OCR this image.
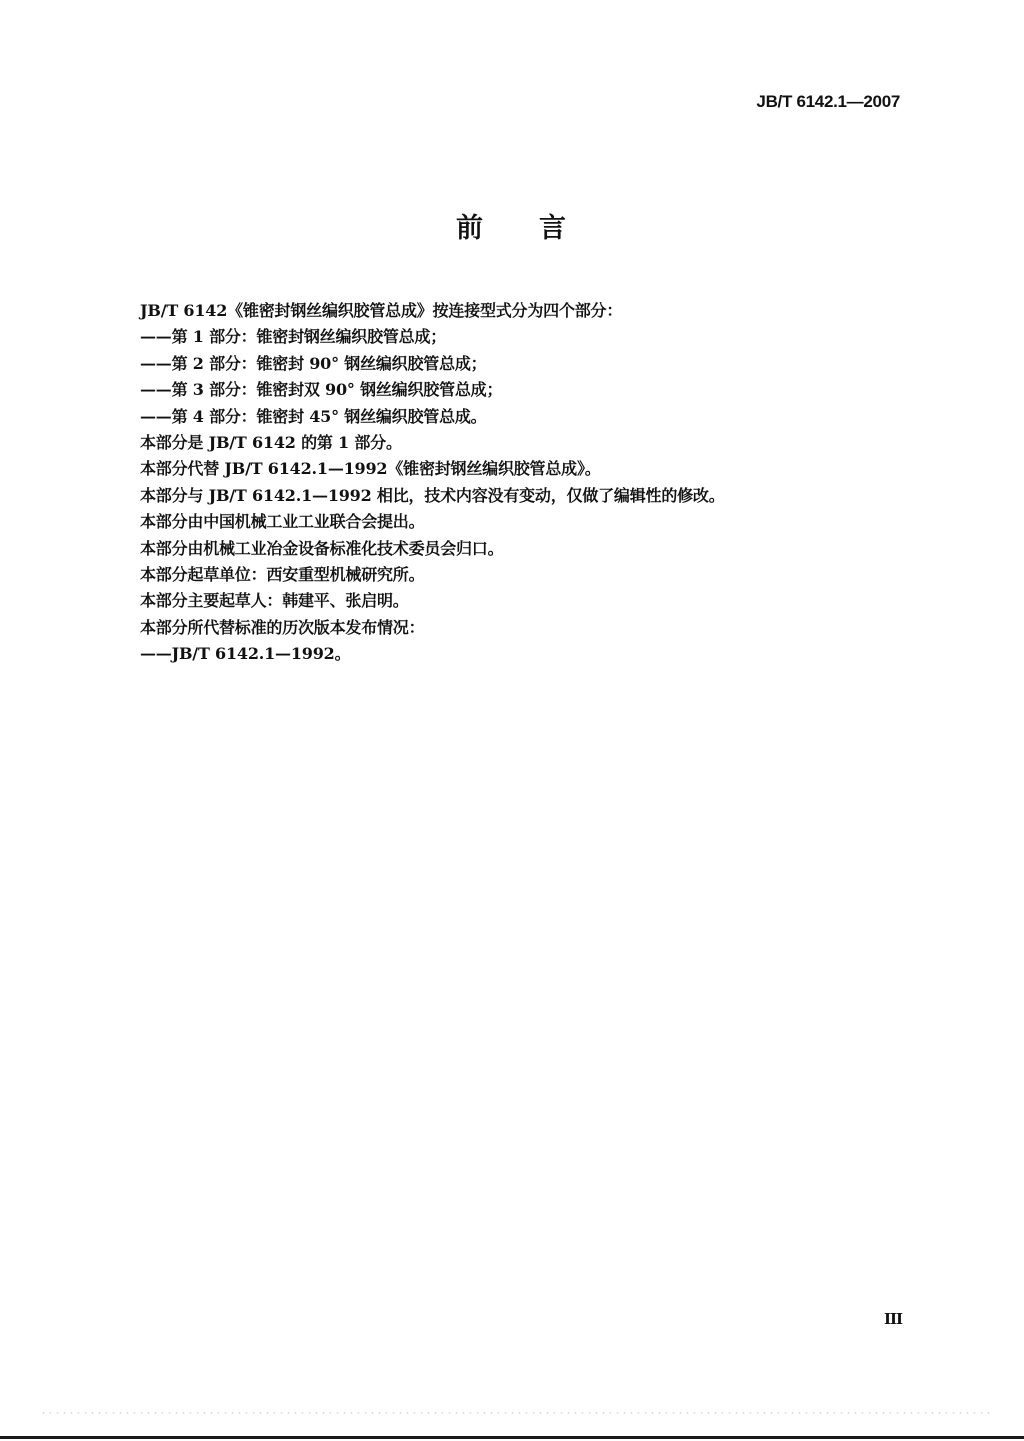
JB/T 6142.1—2007
前 言
JB/T 6142《锥密封钢丝编织胶管总成》按连接型式分为四个部分：
——第 1 部分：锥密封钢丝编织胶管总成；
——第 2 部分：锥密封 90° 钢丝编织胶管总成；
——第 3 部分：锥密封双 90° 钢丝编织胶管总成；
——第 4 部分：锥密封 45° 钢丝编织胶管总成。
本部分是 JB/T 6142 的第 1 部分。
本部分代替 JB/T 6142.1—1992《锥密封钢丝编织胶管总成》。
本部分与 JB/T 6142.1—1992 相比，技术内容没有变动，仅做了编辑性的修改。
本部分由中国机械工业工业联合会提出。
本部分由机械工业冶金设备标准化技术委员会归口。
本部分起草单位：西安重型机械研究所。
本部分主要起草人：韩建平、张启明。
本部分所代替标准的历次版本发布情况：
——JB/T 6142.1—1992。
III
